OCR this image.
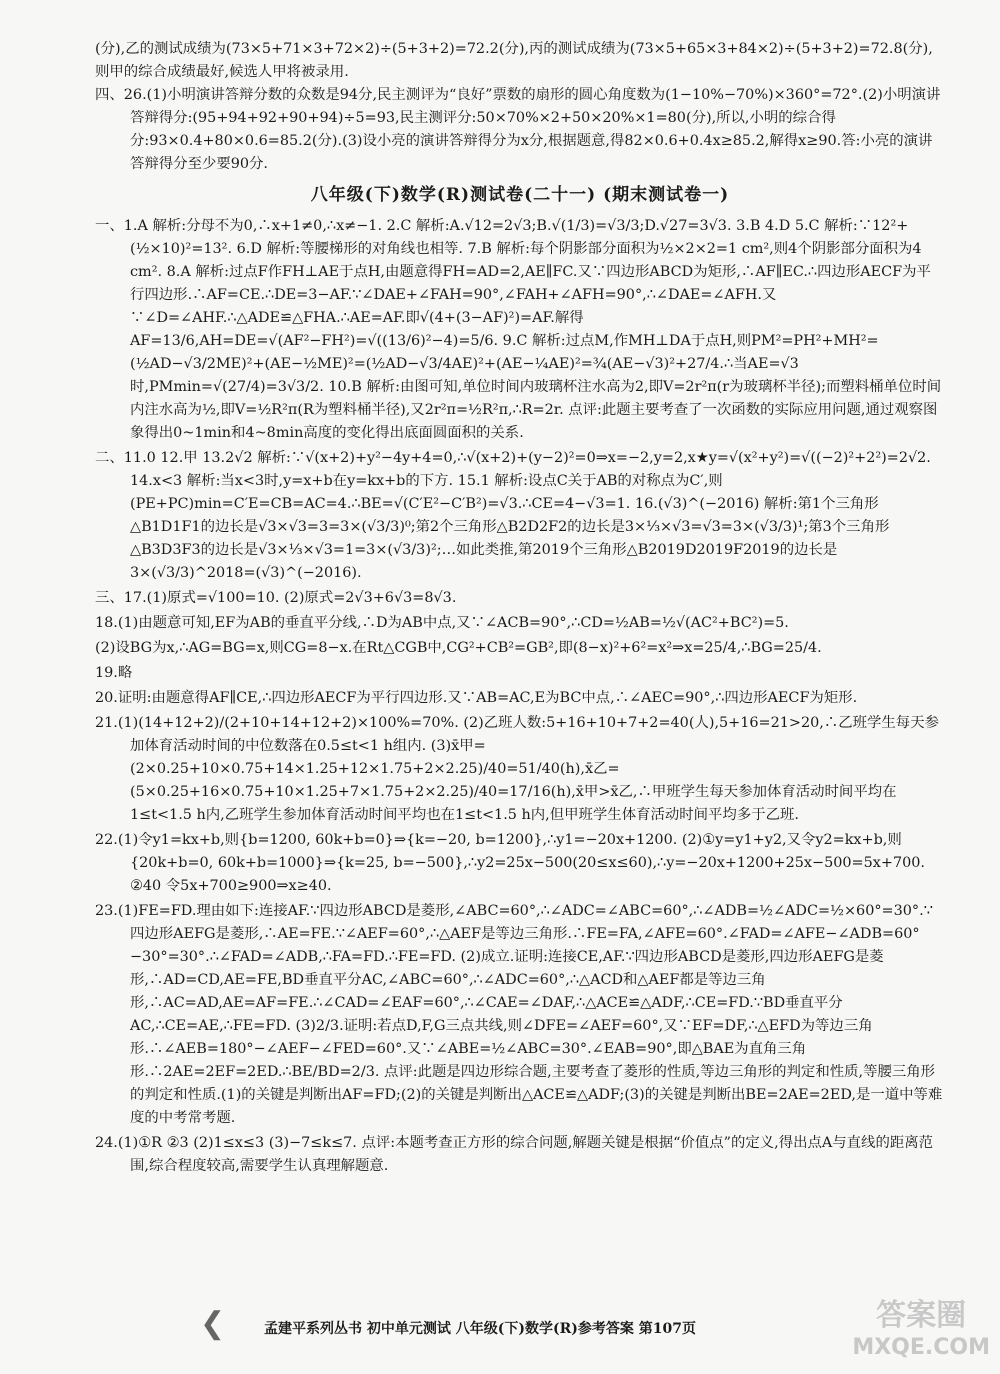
(分),乙的测试成绩为(73×5+71×3+72×2)÷(5+3+2)=72.2(分),丙的测试成绩为(73×5+65×3+84×2)÷(5+3+2)=72.8(分),则甲的综合成绩最好,候选人甲将被录用.

四、26.(1)小明演讲答辩分数的众数是94分,民主测评为“良好”票数的扇形的圆心角度数为(1−10%−70%)×360°=72°.(2)小明演讲答辩得分:(95+94+92+90+94)÷5=93,民主测评分:50×70%×2+50×20%×1=80(分),所以,小明的综合得分:93×0.4+80×0.6=85.2(分).(3)设小亮的演讲答辩得分为x分,根据题意,得82×0.6+0.4x≥85.2,解得x≥90.答:小亮的演讲答辩得分至少要90分.

八年级(下)数学(R)测试卷(二十一) (期末测试卷一)

一、1.A 解析:分母不为0,∴x+1≠0,∴x≠−1. 2.C 解析:A.√12=2√3;B.√(1/3)=√3/3;D.√27=3√3. 3.B 4.D 5.C 解析:∵12²+(½×10)²=13². 6.D 解析:等腰梯形的对角线也相等. 7.B 解析:每个阴影部分面积为½×2×2=1 cm²,则4个阴影部分面积为4 cm². 8.A 解析:过点F作FH⊥AE于点H,由题意得FH=AD=2,AE∥FC.又∵四边形ABCD为矩形,∴AF∥EC.∴四边形AECF为平行四边形.∴AF=CE.∴DE=3−AF.∵∠DAE+∠FAH=90°,∠FAH+∠AFH=90°,∴∠DAE=∠AFH.又∵∠D=∠AHF.∴△ADE≌△FHA.∴AE=AF.即√(4+(3−AF)²)=AF.解得AF=13/6,AH=DE=√(AF²−FH²)=√((13/6)²−4)=5/6. 9.C 解析:过点M,作MH⊥DA于点H,则PM²=PH²+MH²=(½AD−√3/2ME)²+(AE−½ME)²=(½AD−√3/4AE)²+(AE−¼AE)²=¾(AE−√3)²+27/4.∴当AE=√3时,PMmin=√(27/4)=3√3/2. 10.B 解析:由图可知,单位时间内玻璃杯注水高为2,即V=2r²π(r为玻璃杯半径);而塑料桶单位时间内注水高为½,即V=½R²π(R为塑料桶半径),又2r²π=½R²π,∴R=2r. 点评:此题主要考查了一次函数的实际应用问题,通过观察图象得出0~1min和4~8min高度的变化得出底面圆面积的关系.

二、11.0 12.甲 13.2√2 解析:∵√(x+2)+y²−4y+4=0,∴√(x+2)+(y−2)²=0⇒x=−2,y=2,x★y=√(x²+y²)=√((−2)²+2²)=2√2. 14.x<3 解析:当x<3时,y=x+b在y=kx+b的下方. 15.1 解析:设点C关于AB的对称点为C′,则(PE+PC)min=C′E=CB=AC=4.∴BE=√(C′E²−C′B²)=√3.∴CE=4−√3=1. 16.(√3)^(−2016) 解析:第1个三角形△B1D1F1的边长是√3×√3=3=3×(√3/3)⁰;第2个三角形△B2D2F2的边长是3×⅓×√3=√3=3×(√3/3)¹;第3个三角形△B3D3F3的边长是√3×⅓×√3=1=3×(√3/3)²;…如此类推,第2019个三角形△B2019D2019F2019的边长是3×(√3/3)^2018=(√3)^(−2016).

三、17.(1)原式=√100=10. (2)原式=2√3+6√3=8√3.

18.(1)由题意可知,EF为AB的垂直平分线,∴D为AB中点,又∵∠ACB=90°,∴CD=½AB=½√(AC²+BC²)=5.

(2)设BG为x,∴AG=BG=x,则CG=8−x.在Rt△CGB中,CG²+CB²=GB²,即(8−x)²+6²=x²⇒x=25/4,∴BG=25/4.

19.略

20.证明:由题意得AF∥CE,∴四边形AECF为平行四边形.又∵AB=AC,E为BC中点,∴∠AEC=90°,∴四边形AECF为矩形.

21.(1)(14+12+2)/(2+10+14+12+2)×100%=70%. (2)乙班人数:5+16+10+7+2=40(人),5+16=21>20,∴乙班学生每天参加体育活动时间的中位数落在0.5≤t<1 h组内. (3)x̄甲=(2×0.25+10×0.75+14×1.25+12×1.75+2×2.25)/40=51/40(h),x̄乙=(5×0.25+16×0.75+10×1.25+7×1.75+2×2.25)/40=17/16(h),x̄甲>x̄乙,∴甲班学生每天参加体育活动时间平均在1≤t<1.5 h内,乙班学生参加体育活动时间平均也在1≤t<1.5 h内,但甲班学生体育活动时间平均多于乙班.

22.(1)令y1=kx+b,则{b=1200, 60k+b=0}⇒{k=−20, b=1200},∴y1=−20x+1200. (2)①y=y1+y2,又令y2=kx+b,则{20k+b=0, 60k+b=1000}⇒{k=25, b=−500},∴y2=25x−500(20≤x≤60),∴y=−20x+1200+25x−500=5x+700. ②40 令5x+700≥900⇒x≥40.

23.(1)FE=FD.理由如下:连接AF.∵四边形ABCD是菱形,∠ABC=60°,∴∠ADC=∠ABC=60°,∴∠ADB=½∠ADC=½×60°=30°.∵四边形AEFG是菱形,∴AE=FE.∵∠AEF=60°,∴△AEF是等边三角形.∴FE=FA,∠AFE=60°.∠FAD=∠AFE−∠ADB=60°−30°=30°.∴∠FAD=∠ADB,∴FA=FD.∴FE=FD. (2)成立.证明:连接CE,AF.∵四边形ABCD是菱形,四边形AEFG是菱形,∴AD=CD,AE=FE,BD垂直平分AC,∠ABC=60°,∴∠ADC=60°,∴△ACD和△AEF都是等边三角形,∴AC=AD,AE=AF=FE.∴∠CAD=∠EAF=60°,∴∠CAE=∠DAF,∴△ACE≌△ADF,∴CE=FD.∵BD垂直平分AC,∴CE=AE,∴FE=FD. (3)2/3.证明:若点D,F,G三点共线,则∠DFE=∠AEF=60°,又∵EF=DF,∴△EFD为等边三角形.∴∠AEB=180°−∠AEF−∠FED=60°.又∵∠ABE=½∠ABC=30°.∠EAB=90°,即△BAE为直角三角形.∴2AE=2EF=2ED.∴BE/BD=2/3. 点评:此题是四边形综合题,主要考查了菱形的性质,等边三角形的判定和性质,等腰三角形的判定和性质.(1)的关键是判断出AF=FD;(2)的关键是判断出△ACE≌△ADF;(3)的关键是判断出BE=2AE=2ED,是一道中等难度的中考常考题.

24.(1)①R ②3 (2)1≤x≤3 (3)−7≤k≤7. 点评:本题考查正方形的综合问题,解题关键是根据“价值点”的定义,得出点A与直线的距离范围,综合程度较高,需要学生认真理解题意.

❮	孟建平系列丛书 初中单元测试 八年级(下)数学(R)参考答案 第107页	答案圈
MXQE.COM
